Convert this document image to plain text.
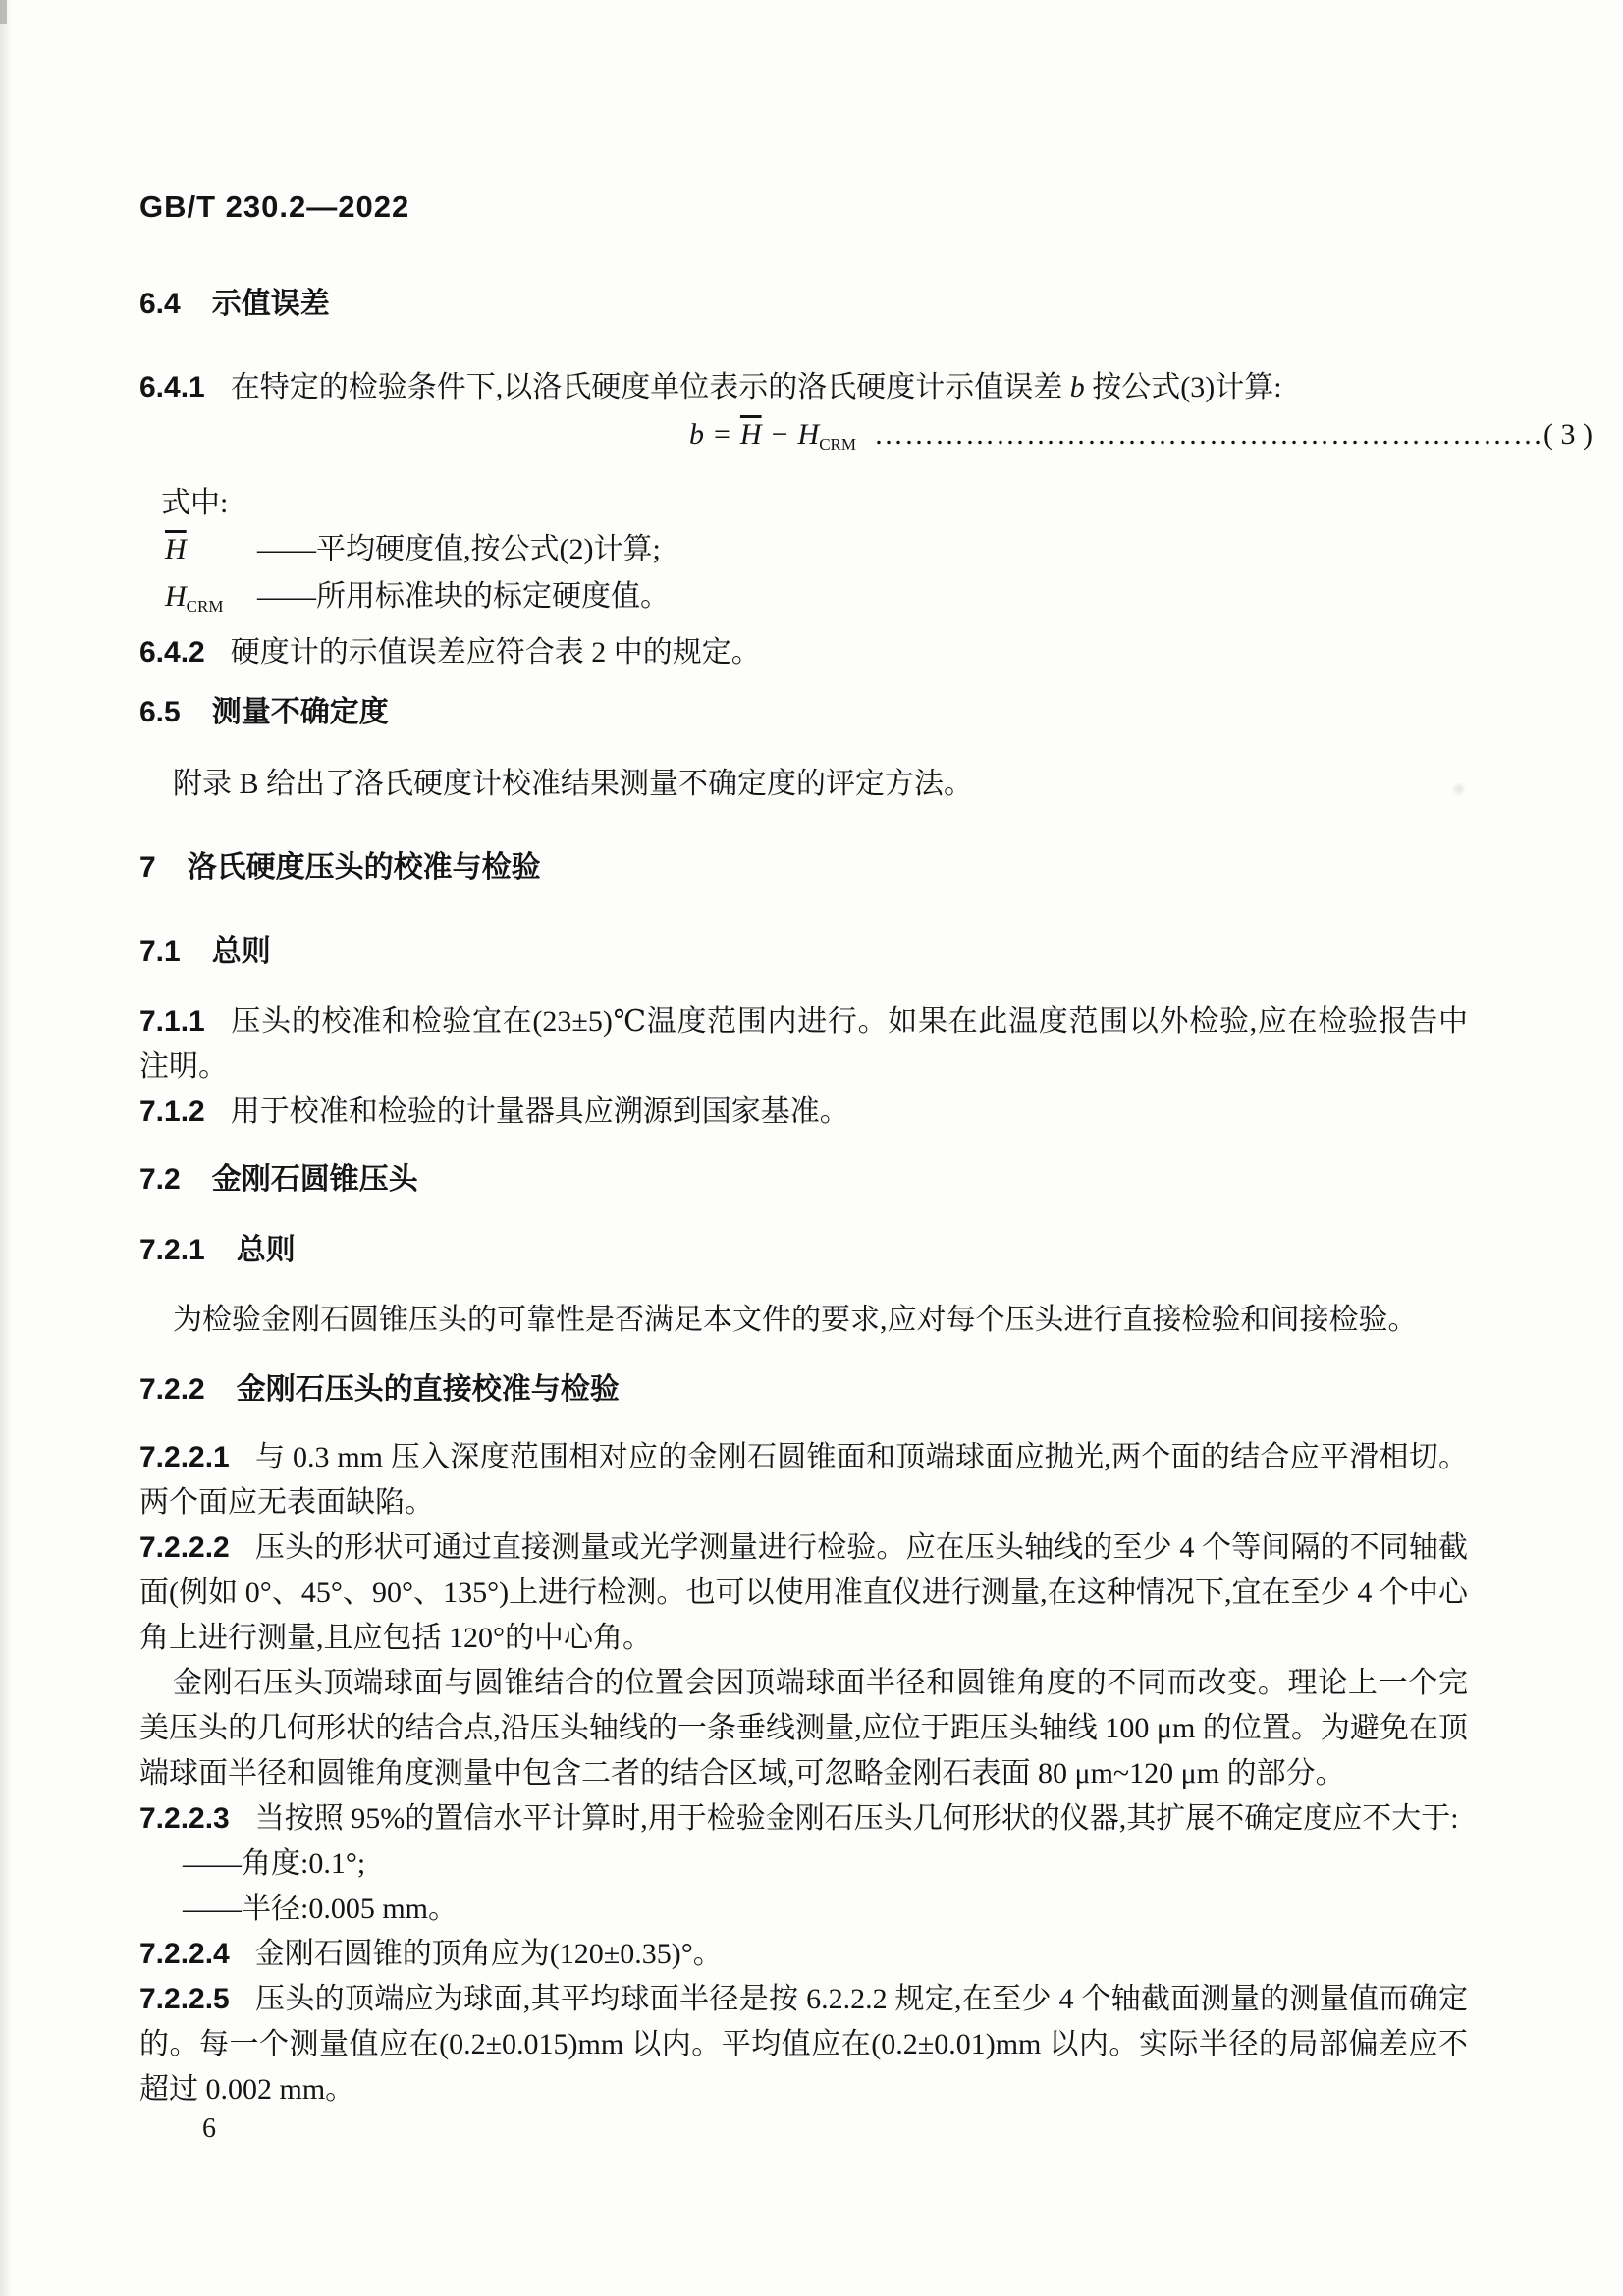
GB/T 230.2—2022
6.4 示值误差

6.4.1 在特定的检验条件下,以洛氏硬度单位表示的洛氏硬度计示值误差 b 按公式(3)计算:

$b = \overline{H} - H_{CRM}$ ………………………………………………………… ( 3 )
式中:
$\overline{H}$	——平均硬度值,按公式(2)计算;
$H_{CRM}$	——所用标准块的标定硬度值。

6.4.2 硬度计的示值误差应符合表 2 中的规定。

6.5 测量不确定度

附录 B 给出了洛氏硬度计校准结果测量不确定度的评定方法。

7 洛氏硬度压头的校准与检验
7.1 总则

7.1.1 压头的校准和检验宜在(23±5)℃温度范围内进行。如果在此温度范围以外检验,应在检验报告中注明。

7.1.2 用于校准和检验的计量器具应溯源到国家基准。

7.2 金刚石圆锥压头
7.2.1 总则

为检验金刚石圆锥压头的可靠性是否满足本文件的要求,应对每个压头进行直接检验和间接检验。

7.2.2 金刚石压头的直接校准与检验

7.2.2.1 与 0.3 mm 压入深度范围相对应的金刚石圆锥面和顶端球面应抛光,两个面的结合应平滑相切。两个面应无表面缺陷。

7.2.2.2 压头的形状可通过直接测量或光学测量进行检验。应在压头轴线的至少 4 个等间隔的不同轴截面(例如 0°、45°、90°、135°)上进行检测。也可以使用准直仪进行测量,在这种情况下,宜在至少 4 个中心角上进行测量,且应包括 120°的中心角。

金刚石压头顶端球面与圆锥结合的位置会因顶端球面半径和圆锥角度的不同而改变。理论上一个完美压头的几何形状的结合点,沿压头轴线的一条垂线测量,应位于距压头轴线 100 μm 的位置。为避免在顶端球面半径和圆锥角度测量中包含二者的结合区域,可忽略金刚石表面 80 μm~120 μm 的部分。

7.2.2.3 当按照 95%的置信水平计算时,用于检验金刚石压头几何形状的仪器,其扩展不确定度应不大于:

——角度:0.1°;
——半径:0.005 mm。

7.2.2.4 金刚石圆锥的顶角应为(120±0.35)°。

7.2.2.5 压头的顶端应为球面,其平均球面半径是按 6.2.2.2 规定,在至少 4 个轴截面测量的测量值而确定的。每一个测量值应在(0.2±0.015)mm 以内。平均值应在(0.2±0.01)mm 以内。实际半径的局部偏差应不超过 0.002 mm。

6
